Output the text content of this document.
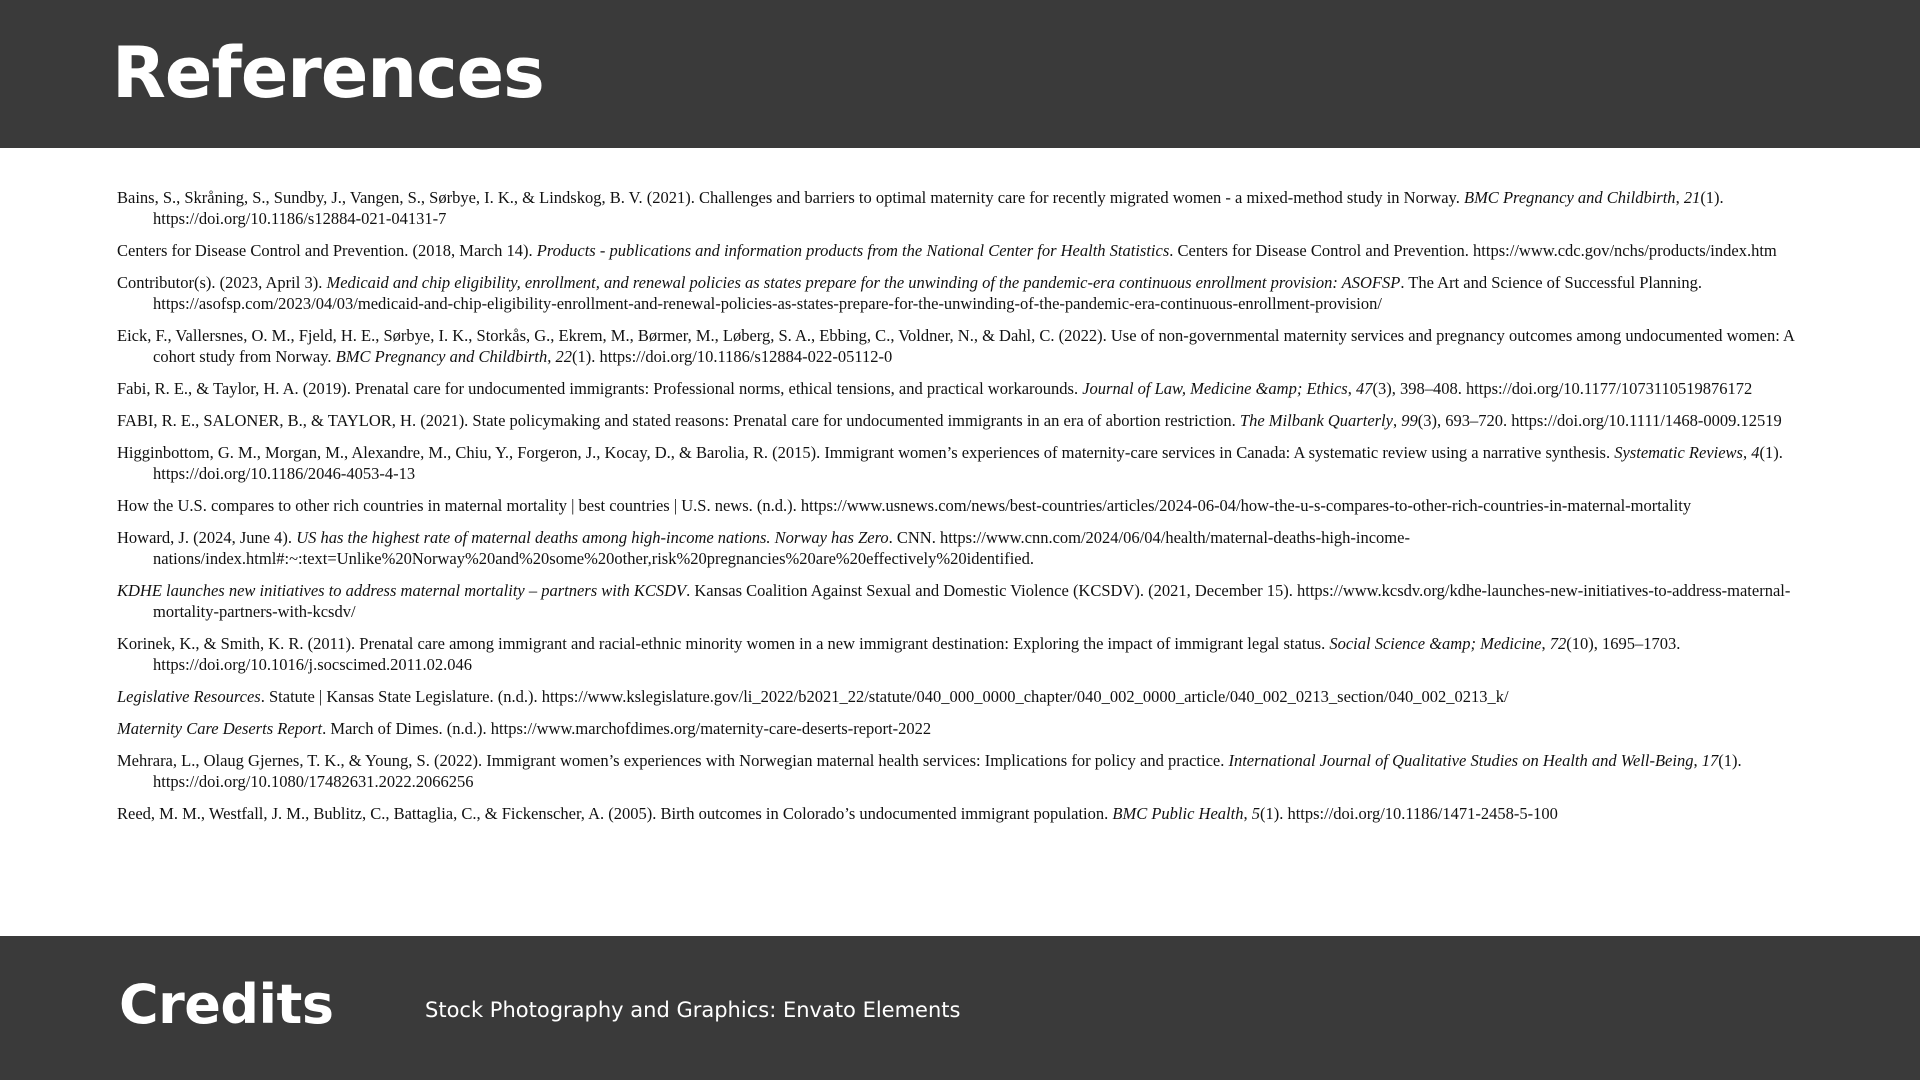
References
Bains, S., Skråning, S., Sundby, J., Vangen, S., Sørbye, I. K., & Lindskog, B. V. (2021). Challenges and barriers to optimal maternity care for recently migrated women - a mixed-method study in Norway. BMC Pregnancy and Childbirth, 21(1). https://doi.org/10.1186/s12884-021-04131-7
Centers for Disease Control and Prevention. (2018, March 14). Products - publications and information products from the National Center for Health Statistics. Centers for Disease Control and Prevention. https://www.cdc.gov/nchs/products/index.htm
Contributor(s). (2023, April 3). Medicaid and chip eligibility, enrollment, and renewal policies as states prepare for the unwinding of the pandemic-era continuous enrollment provision: ASOFSP. The Art and Science of Successful Planning. https://asofsp.com/2023/04/03/medicaid-and-chip-eligibility-enrollment-and-renewal-policies-as-states-prepare-for-the-unwinding-of-the-pandemic-era-continuous-enrollment-provision/
Eick, F., Vallersnes, O. M., Fjeld, H. E., Sørbye, I. K., Storkås, G., Ekrem, M., Børmer, M., Løberg, S. A., Ebbing, C., Voldner, N., & Dahl, C. (2022). Use of non-governmental maternity services and pregnancy outcomes among undocumented women: A cohort study from Norway. BMC Pregnancy and Childbirth, 22(1). https://doi.org/10.1186/s12884-022-05112-0
Fabi, R. E., & Taylor, H. A. (2019). Prenatal care for undocumented immigrants: Professional norms, ethical tensions, and practical workarounds. Journal of Law, Medicine &amp; Ethics, 47(3), 398–408. https://doi.org/10.1177/1073110519876172
FABI, R. E., SALONER, B., & TAYLOR, H. (2021). State policymaking and stated reasons: Prenatal care for undocumented immigrants in an era of abortion restriction. The Milbank Quarterly, 99(3), 693–720. https://doi.org/10.1111/1468-0009.12519
Higginbottom, G. M., Morgan, M., Alexandre, M., Chiu, Y., Forgeron, J., Kocay, D., & Barolia, R. (2015). Immigrant women’s experiences of maternity-care services in Canada: A systematic review using a narrative synthesis. Systematic Reviews, 4(1). https://doi.org/10.1186/2046-4053-4-13
How the U.S. compares to other rich countries in maternal mortality | best countries | U.S. news. (n.d.). https://www.usnews.com/news/best-countries/articles/2024-06-04/how-the-u-s-compares-to-other-rich-countries-in-maternal-mortality
Howard, J. (2024, June 4). US has the highest rate of maternal deaths among high-income nations. Norway has Zero. CNN. https://www.cnn.com/2024/06/04/health/maternal-deaths-high-income-nations/index.html#:~:text=Unlike%20Norway%20and%20some%20other,risk%20pregnancies%20are%20effectively%20identified.
KDHE launches new initiatives to address maternal mortality – partners with KCSDV. Kansas Coalition Against Sexual and Domestic Violence (KCSDV). (2021, December 15). https://www.kcsdv.org/kdhe-launches-new-initiatives-to-address-maternal-mortality-partners-with-kcsdv/
Korinek, K., & Smith, K. R. (2011). Prenatal care among immigrant and racial-ethnic minority women in a new immigrant destination: Exploring the impact of immigrant legal status. Social Science &amp; Medicine, 72(10), 1695–1703. https://doi.org/10.1016/j.socscimed.2011.02.046
Legislative Resources. Statute | Kansas State Legislature. (n.d.). https://www.kslegislature.gov/li_2022/b2021_22/statute/040_000_0000_chapter/040_002_0000_article/040_002_0213_section/040_002_0213_k/
Maternity Care Deserts Report. March of Dimes. (n.d.). https://www.marchofdimes.org/maternity-care-deserts-report-2022
Mehrara, L., Olaug Gjernes, T. K., & Young, S. (2022). Immigrant women’s experiences with Norwegian maternal health services: Implications for policy and practice. International Journal of Qualitative Studies on Health and Well-Being, 17(1). https://doi.org/10.1080/17482631.2022.2066256
Reed, M. M., Westfall, J. M., Bublitz, C., Battaglia, C., & Fickenscher, A. (2005). Birth outcomes in Colorado’s undocumented immigrant population. BMC Public Health, 5(1). https://doi.org/10.1186/1471-2458-5-100
Credits	Stock Photography and Graphics: Envato Elements
